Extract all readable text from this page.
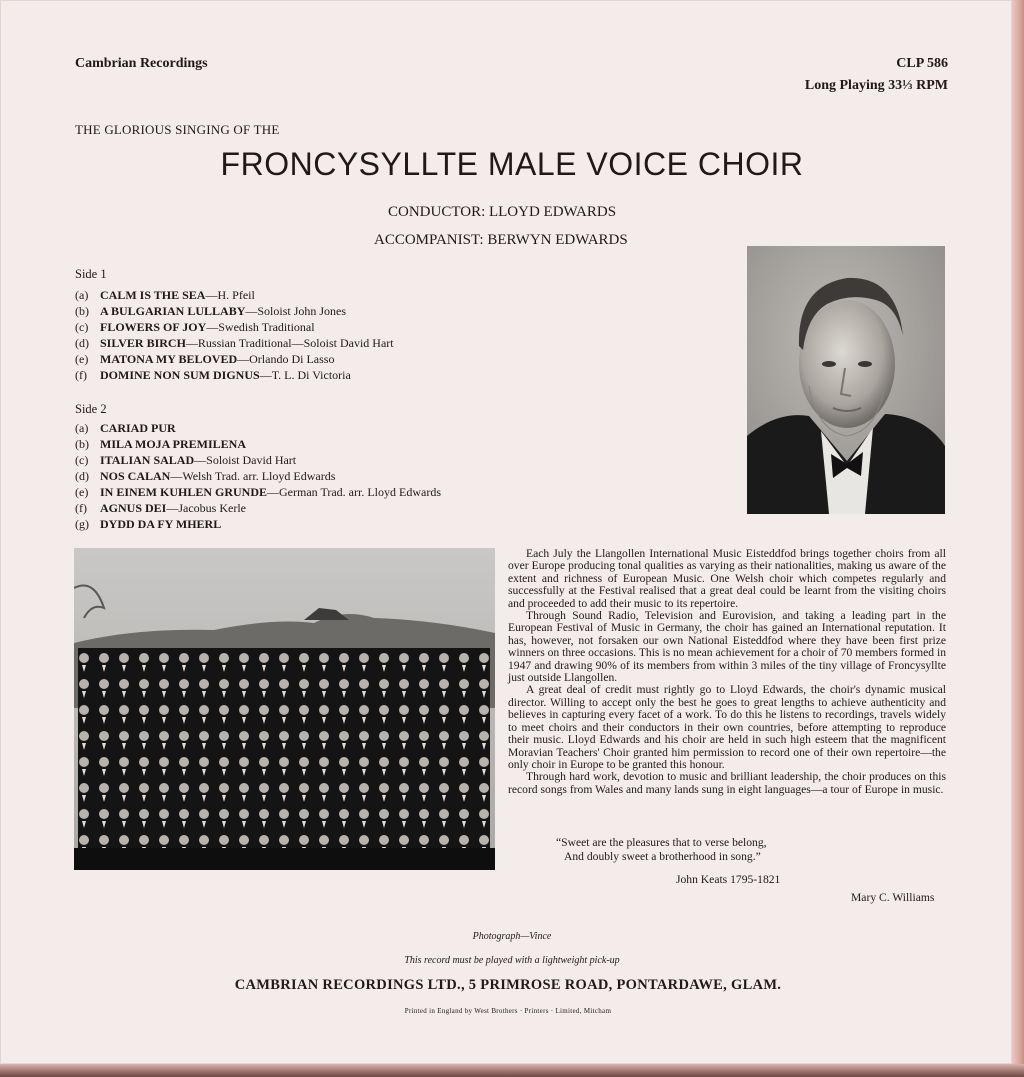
Cambrian Recordings	CLP 586
Long Playing 33⅓ RPM
THE GLORIOUS SINGING OF THE
FRONCYSYLLTE MALE VOICE CHOIR
CONDUCTOR: LLOYD EDWARDS
ACCOMPANIST: BERWYN EDWARDS
Side 1
(a) CALM IS THE SEA—H. Pfeil
(b) A BULGARIAN LULLABY—Soloist John Jones
(c) FLOWERS OF JOY—Swedish Traditional
(d) SILVER BIRCH—Russian Traditional—Soloist David Hart
(e) MATONA MY BELOVED—Orlando Di Lasso
(f) DOMINE NON SUM DIGNUS—T. L. Di Victoria
Side 2
(a) CARIAD PUR
(b) MILA MOJA PREMILENA
(c) ITALIAN SALAD—Soloist David Hart
(d) NOS CALAN—Welsh Trad. arr. Lloyd Edwards
(e) IN EINEM KUHLEN GRUNDE—German Trad. arr. Lloyd Edwards
(f) AGNUS DEI—Jacobus Kerle
(g) DYDD DA FY MHERL

Each July the Llangollen International Music Eisteddfod brings together choirs from all over Europe producing tonal qualities as varying as their nationalities, making us aware of the extent and richness of European Music. One Welsh choir which competes regularly and successfully at the Festival realised that a great deal could be learnt from the visiting choirs and proceeded to add their music to its repertoire.

Through Sound Radio, Television and Eurovision, and taking a leading part in the European Festival of Music in Germany, the choir has gained an International reputation. It has, however, not forsaken our own National Eisteddfod where they have been first prize winners on three occasions. This is no mean achievement for a choir of 70 members formed in 1947 and drawing 90% of its members from within 3 miles of the tiny village of Froncysyllte just outside Llangollen.

A great deal of credit must rightly go to Lloyd Edwards, the choir's dynamic musical director. Willing to accept only the best he goes to great lengths to achieve authenticity and believes in capturing every facet of a work. To do this he listens to recordings, travels widely to meet choirs and their conductors in their own countries, before attempting to reproduce their music. Lloyd Edwards and his choir are held in such high esteem that the magnificent Moravian Teachers' Choir granted him permission to record one of their own repertoire—the only choir in Europe to be granted this honour.

Through hard work, devotion to music and brilliant leadership, the choir produces on this record songs from Wales and many lands sung in eight languages—a tour of Europe in music.

“Sweet are the pleasures that to verse belong,
And doubly sweet a brotherhood in song.”
John Keats 1795-1821
Mary C. Williams
Photograph—Vince
This record must be played with a lightweight pick-up
CAMBRIAN RECORDINGS LTD., 5 PRIMROSE ROAD, PONTARDAWE, GLAM.
Printed in England by West Brothers · Printers · Limited, Mitcham
